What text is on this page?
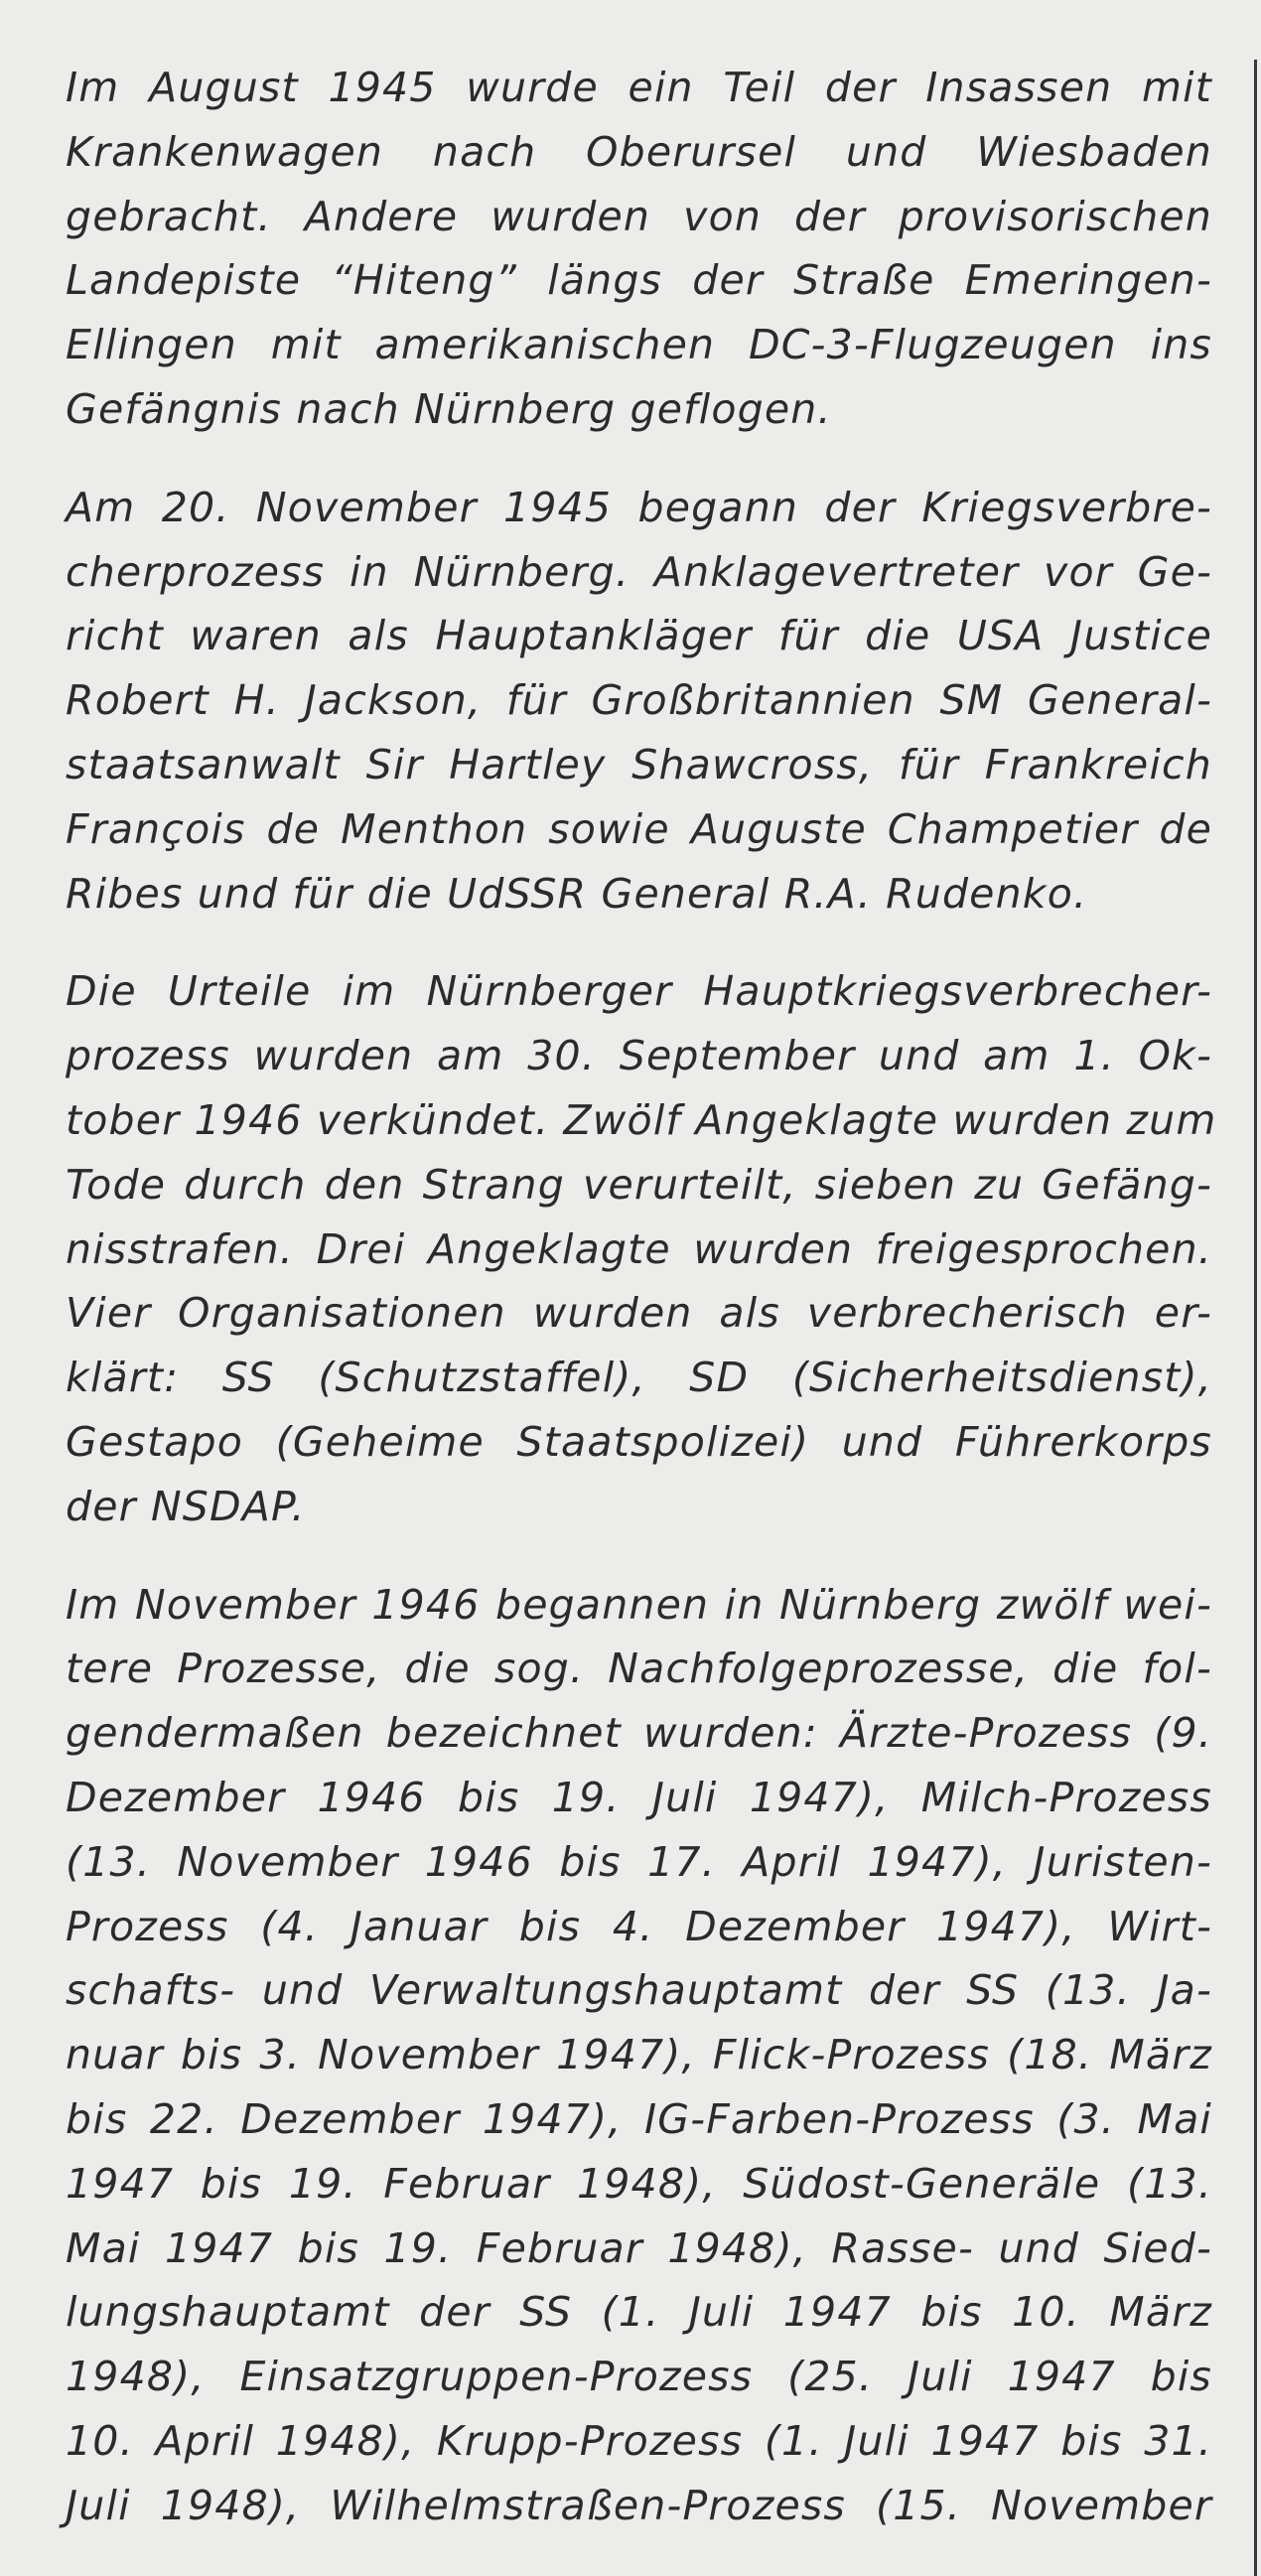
Im August 1945 wurde ein Teil der Insassen mit
Krankenwagen nach Oberursel und Wiesbaden
gebracht. Andere wurden von der provisorischen
Landepiste “Hiteng” längs der Straße Emeringen-
Ellingen mit amerikanischen DC-3-Flugzeugen ins
Gefängnis nach Nürnberg geflogen.

Am 20. November 1945 begann der Kriegsverbre-
cherprozess in Nürnberg. Anklagevertreter vor Ge-
richt waren als Hauptankläger für die USA Justice
Robert H. Jackson, für Großbritannien SM General-
staatsanwalt Sir Hartley Shawcross, für Frankreich
François de Menthon sowie Auguste Champetier de
Ribes und für die UdSSR General R.A. Rudenko.

Die Urteile im Nürnberger Hauptkriegsverbrecher-
prozess wurden am 30. September und am 1. Ok-
tober 1946 verkündet. Zwölf Angeklagte wurden zum
Tode durch den Strang verurteilt, sieben zu Gefäng-
nisstrafen. Drei Angeklagte wurden freigesprochen.
Vier Organisationen wurden als verbrecherisch er-
klärt: SS (Schutzstaffel), SD (Sicherheitsdienst),
Gestapo (Geheime Staatspolizei) und Führerkorps
der NSDAP.

Im November 1946 begannen in Nürnberg zwölf wei-
tere Prozesse, die sog. Nachfolgeprozesse, die fol-
gendermaßen bezeichnet wurden: Ärzte-Prozess (9.
Dezember 1946 bis 19. Juli 1947), Milch-Prozess
(13. November 1946 bis 17. April 1947), Juristen-
Prozess (4. Januar bis 4. Dezember 1947), Wirt-
schafts- und Verwaltungshauptamt der SS (13. Ja-
nuar bis 3. November 1947), Flick-Prozess (18. März
bis 22. Dezember 1947), IG-Farben-Prozess (3. Mai
1947 bis 19. Februar 1948), Südost-Generäle (13.
Mai 1947 bis 19. Februar 1948), Rasse- und Sied-
lungshauptamt der SS (1. Juli 1947 bis 10. März
1948), Einsatzgruppen-Prozess (25. Juli 1947 bis
10. April 1948), Krupp-Prozess (1. Juli 1947 bis 31.
Juli 1948), Wilhelmstraßen-Prozess (15. November
